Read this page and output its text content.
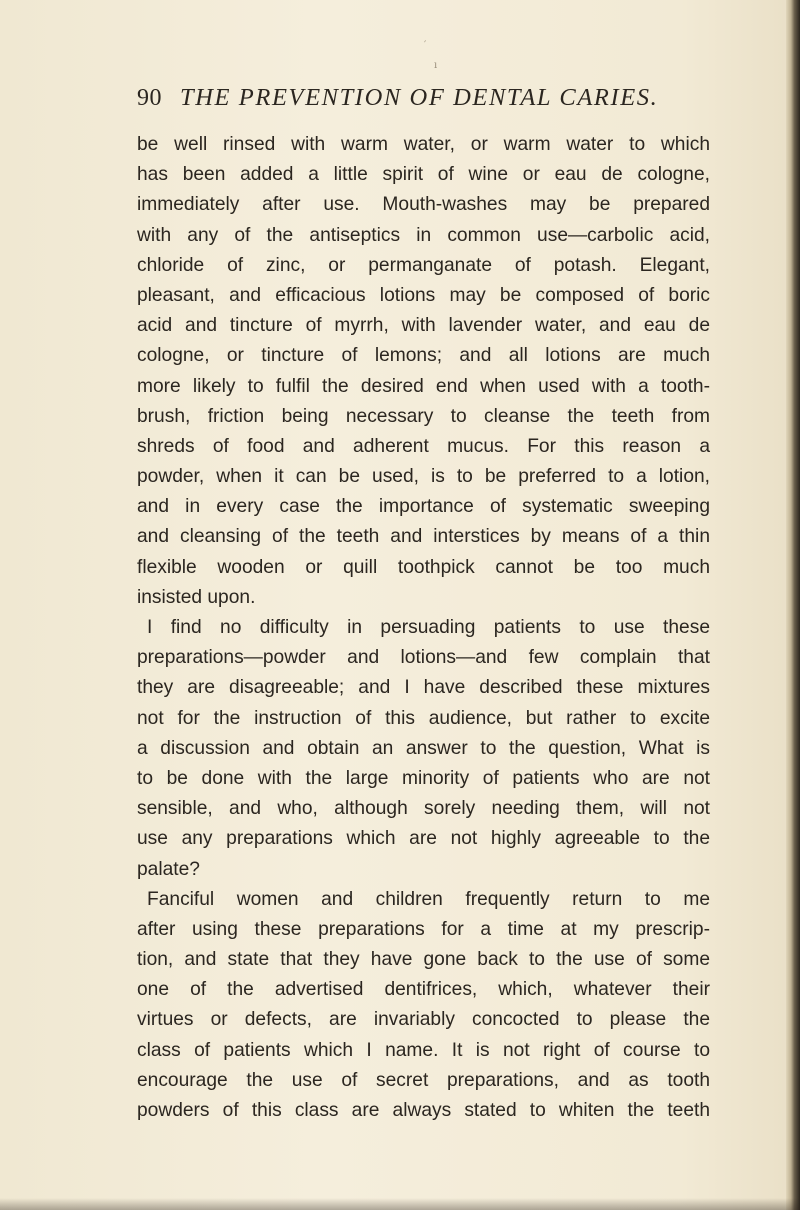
′
ı
90 THE PREVENTION OF DENTAL CARIES.
be well rinsed with warm water, or warm water to which
has been added a little spirit of wine or eau de cologne,
immediately after use. Mouth-washes may be prepared
with any of the antiseptics in common use—carbolic acid,
chloride of zinc, or permanganate of potash. Elegant,
pleasant, and efficacious lotions may be composed of boric
acid and tincture of myrrh, with lavender water, and eau de
cologne, or tincture of lemons; and all lotions are much
more likely to fulfil the desired end when used with a tooth-
brush, friction being necessary to cleanse the teeth from
shreds of food and adherent mucus. For this reason a
powder, when it can be used, is to be preferred to a lotion,
and in every case the importance of systematic sweeping
and cleansing of the teeth and interstices by means of a thin
flexible wooden or quill toothpick cannot be too much
insisted upon.
I find no difficulty in persuading patients to use these
preparations—powder and lotions—and few complain that
they are disagreeable; and I have described these mixtures
not for the instruction of this audience, but rather to excite
a discussion and obtain an answer to the question, What is
to be done with the large minority of patients who are not
sensible, and who, although sorely needing them, will not
use any preparations which are not highly agreeable to the
palate?
Fanciful women and children frequently return to me
after using these preparations for a time at my prescrip-
tion, and state that they have gone back to the use of some
one of the advertised dentifrices, which, whatever their
virtues or defects, are invariably concocted to please the
class of patients which I name. It is not right of course to
encourage the use of secret preparations, and as tooth
powders of this class are always stated to whiten the teeth
